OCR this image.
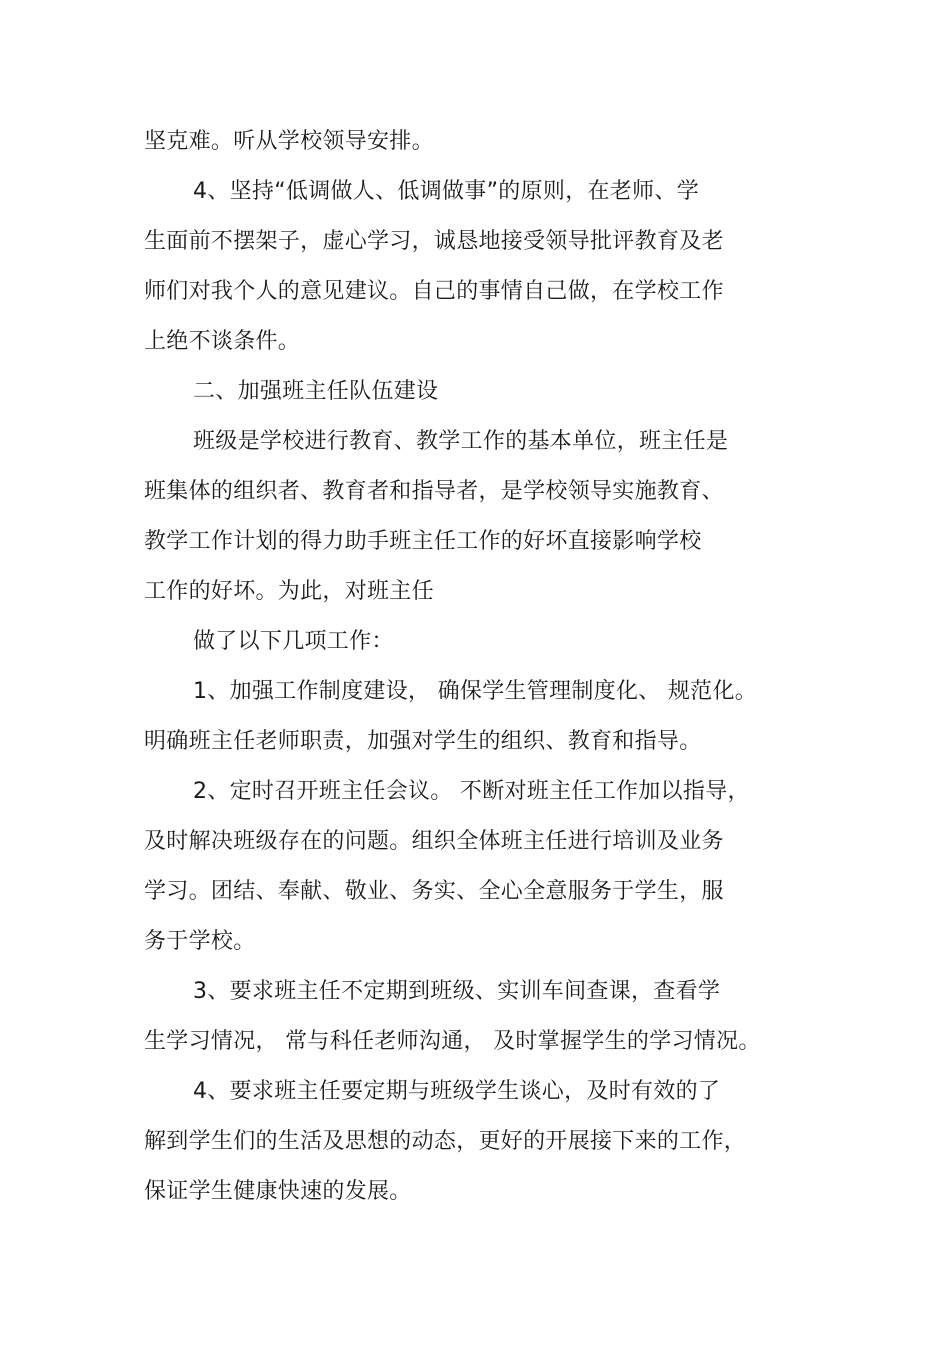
坚克难。听从学校领导安排。
4、坚持“低调做人、低调做事”的原则，在老师、学
生面前不摆架子，虚心学习，诚恳地接受领导批评教育及老
师们对我个人的意见建议。自己的事情自己做，在学校工作
上绝不谈条件。
二、加强班主任队伍建设
班级是学校进行教育、教学工作的基本单位，班主任是
班集体的组织者、教育者和指导者，是学校领导实施教育、
教学工作计划的得力助手班主任工作的好坏直接影响学校
工作的好坏。为此，对班主任
做了以下几项工作：
1、加强工作制度建设， 确保学生管理制度化、 规范化。
明确班主任老师职责，加强对学生的组织、教育和指导。
2、定时召开班主任会议。 不断对班主任工作加以指导，
及时解决班级存在的问题。组织全体班主任进行培训及业务
学习。团结、奉献、敬业、务实、全心全意服务于学生，服
务于学校。
3、要求班主任不定期到班级、实训车间查课，查看学
生学习情况， 常与科任老师沟通， 及时掌握学生的学习情况。
4、要求班主任要定期与班级学生谈心，及时有效的了
解到学生们的生活及思想的动态，更好的开展接下来的工作，
保证学生健康快速的发展。
